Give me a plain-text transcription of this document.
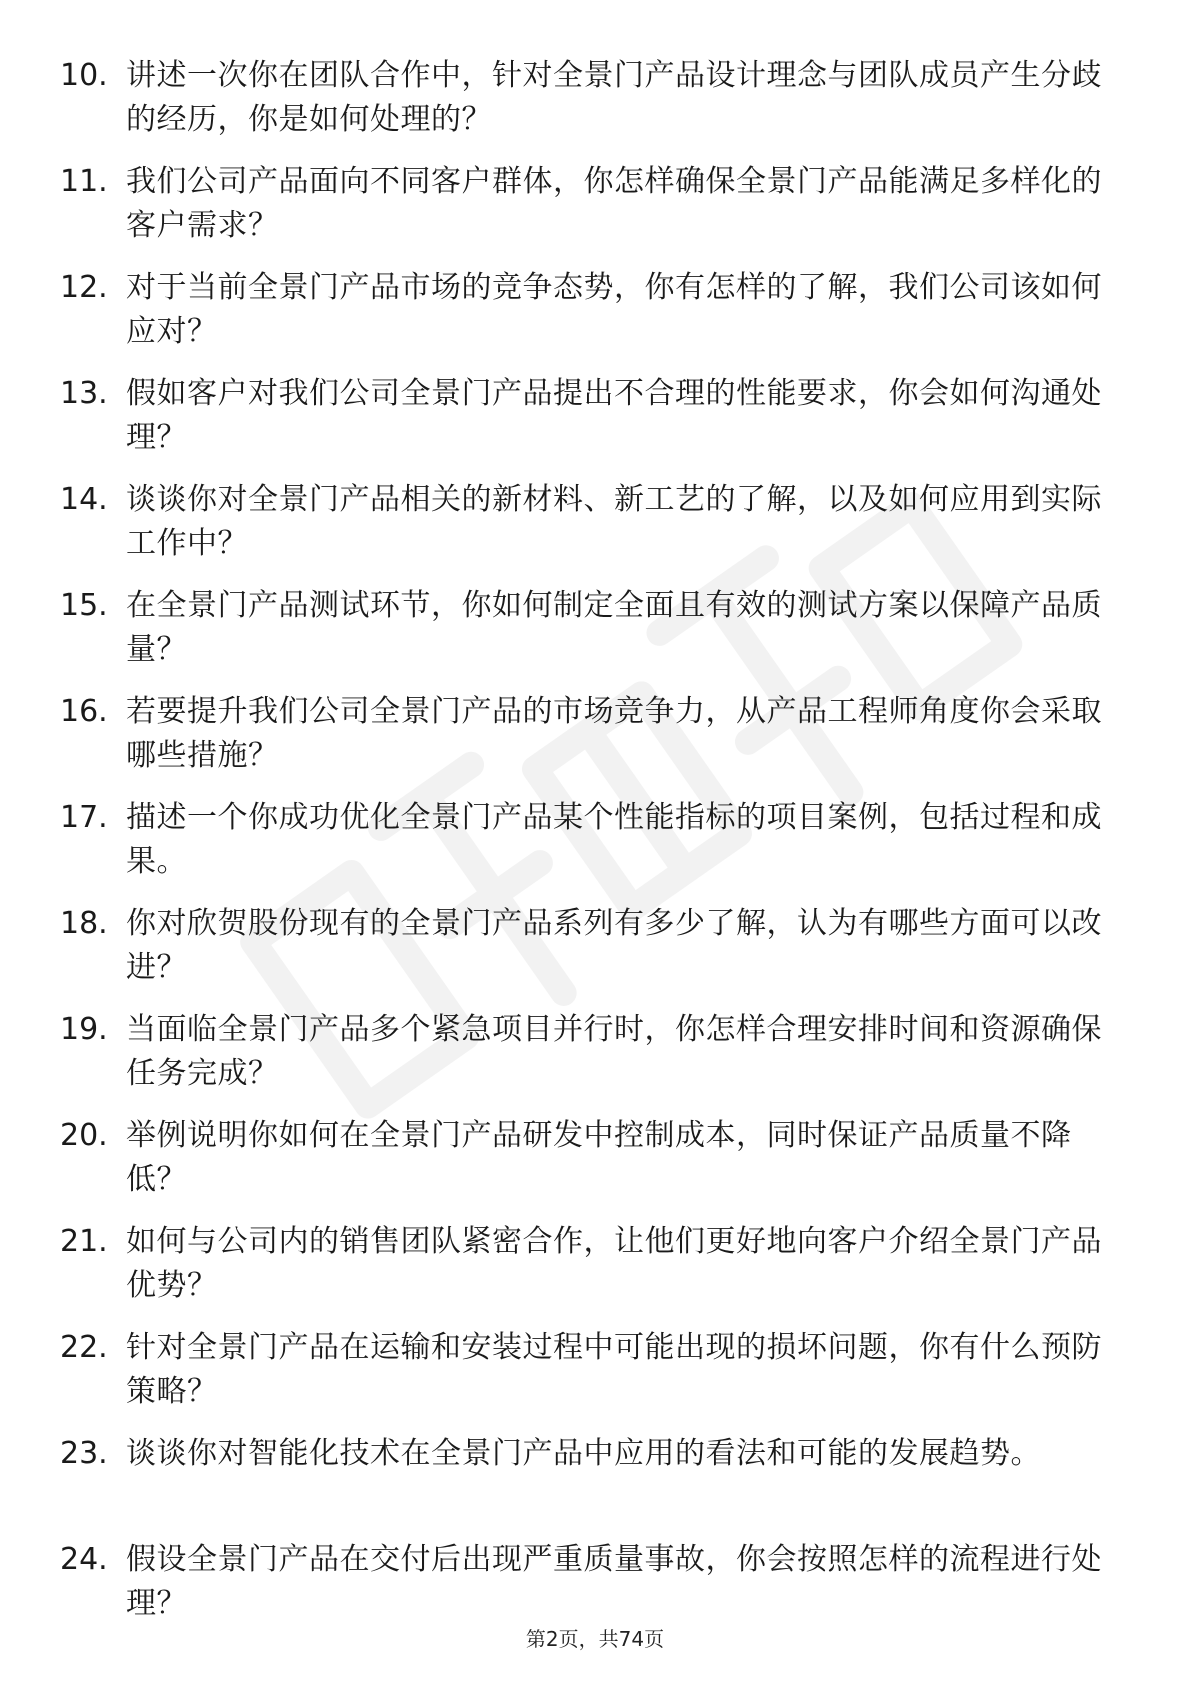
10. 讲述一次你在团队合作中，针对全景门产品设计理念与团队成员产生分歧的经历，你是如何处理的？
11. 我们公司产品面向不同客户群体，你怎样确保全景门产品能满足多样化的客户需求？
12. 对于当前全景门产品市场的竞争态势，你有怎样的了解，我们公司该如何应对？
13. 假如客户对我们公司全景门产品提出不合理的性能要求，你会如何沟通处理？
14. 谈谈你对全景门产品相关的新材料、新工艺的了解，以及如何应用到实际工作中？
15. 在全景门产品测试环节，你如何制定全面且有效的测试方案以保障产品质量？
16. 若要提升我们公司全景门产品的市场竞争力，从产品工程师角度你会采取哪些措施？
17. 描述一个你成功优化全景门产品某个性能指标的项目案例，包括过程和成果。
18. 你对欣贺股份现有的全景门产品系列有多少了解，认为有哪些方面可以改进？
19. 当面临全景门产品多个紧急项目并行时，你怎样合理安排时间和资源确保任务完成？
20. 举例说明你如何在全景门产品研发中控制成本，同时保证产品质量不降低？
21. 如何与公司内的销售团队紧密合作，让他们更好地向客户介绍全景门产品优势？
22. 针对全景门产品在运输和安装过程中可能出现的损坏问题，你有什么预防策略？
23. 谈谈你对智能化技术在全景门产品中应用的看法和可能的发展趋势。
24. 假设全景门产品在交付后出现严重质量事故，你会按照怎样的流程进行处理？
第2页，共74页
